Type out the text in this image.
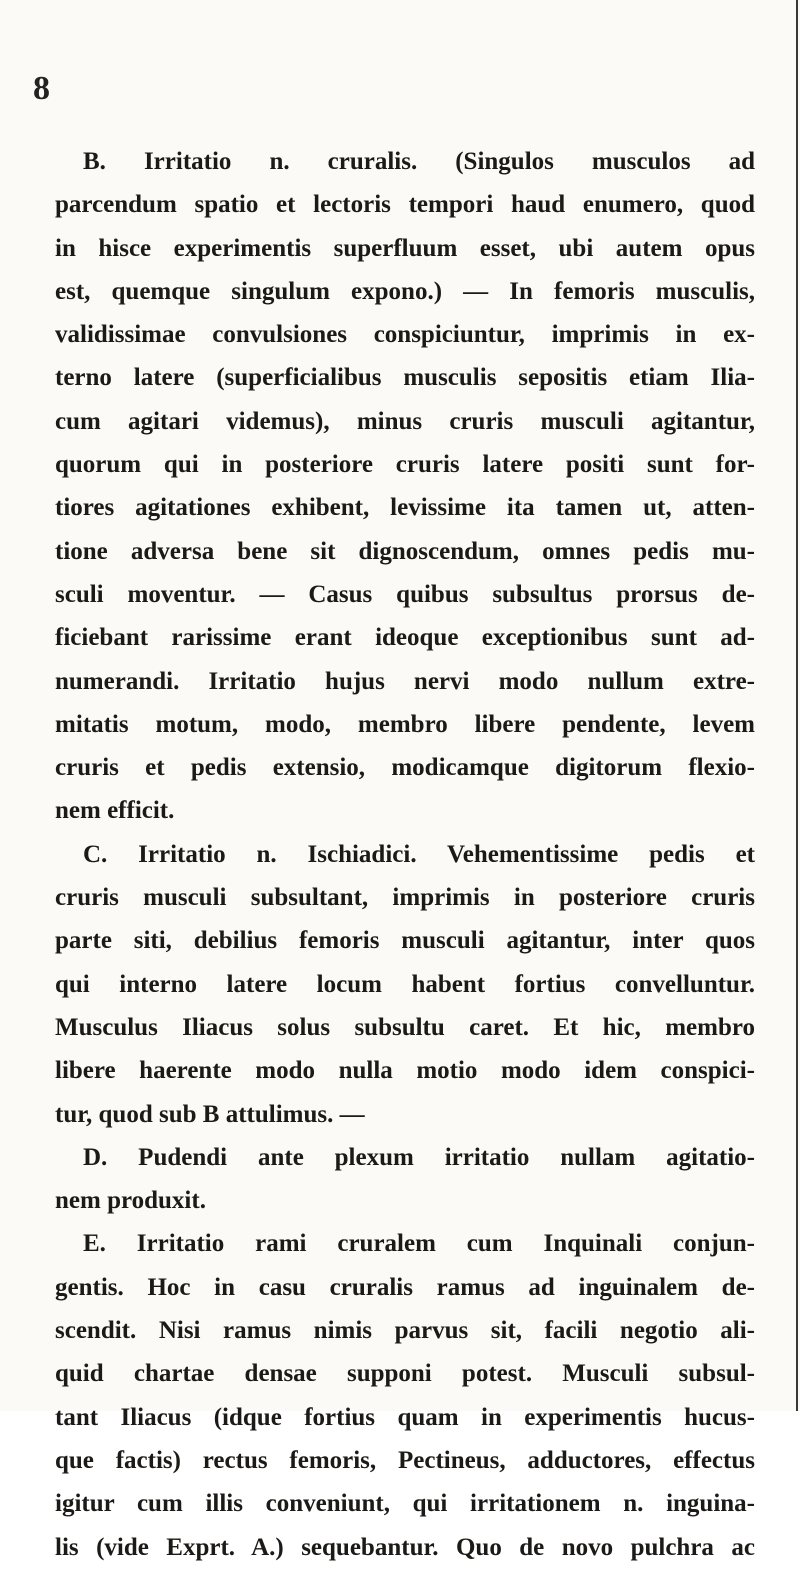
8
B. Irritatio n. cruralis. (Singulos musculos ad
parcendum spatio et lectoris tempori haud enumero, quod
in hisce experimentis superfluum esset, ubi autem opus
est, quemque singulum expono.) — In femoris musculis,
validissimae convulsiones conspiciuntur, imprimis in ex-
terno latere (superficialibus musculis sepositis etiam Ilia-
cum agitari videmus), minus cruris musculi agitantur,
quorum qui in posteriore cruris latere positi sunt for-
tiores agitationes exhibent, levissime ita tamen ut, atten-
tione adversa bene sit dignoscendum, omnes pedis mu-
sculi moventur. — Casus quibus subsultus prorsus de-
ficiebant rarissime erant ideoque exceptionibus sunt ad-
numerandi. Irritatio hujus nervi modo nullum extre-
mitatis motum, modo, membro libere pendente, levem
cruris et pedis extensio, modicamque digitorum flexio-
nem efficit.
C. Irritatio n. Ischiadici. Vehementissime pedis et
cruris musculi subsultant, imprimis in posteriore cruris
parte siti, debilius femoris musculi agitantur, inter quos
qui interno latere locum habent fortius convelluntur.
Musculus Iliacus solus subsultu caret. Et hic, membro
libere haerente modo nulla motio modo idem conspici-
tur, quod sub B attulimus. —
D. Pudendi ante plexum irritatio nullam agitatio-
nem produxit.
E. Irritatio rami cruralem cum Inquinali conjun-
gentis. Hoc in casu cruralis ramus ad inguinalem de-
scendit. Nisi ramus nimis parvus sit, facili negotio ali-
quid chartae densae supponi potest. Musculi subsul-
tant Iliacus (idque fortius quam in experimentis hucus-
que factis) rectus femoris, Pectineus, adductores, effectus
igitur cum illis conveniunt, qui irritationem n. inguina-
lis (vide Exprt. A.) sequebantur. Quo de novo pulchra ac
